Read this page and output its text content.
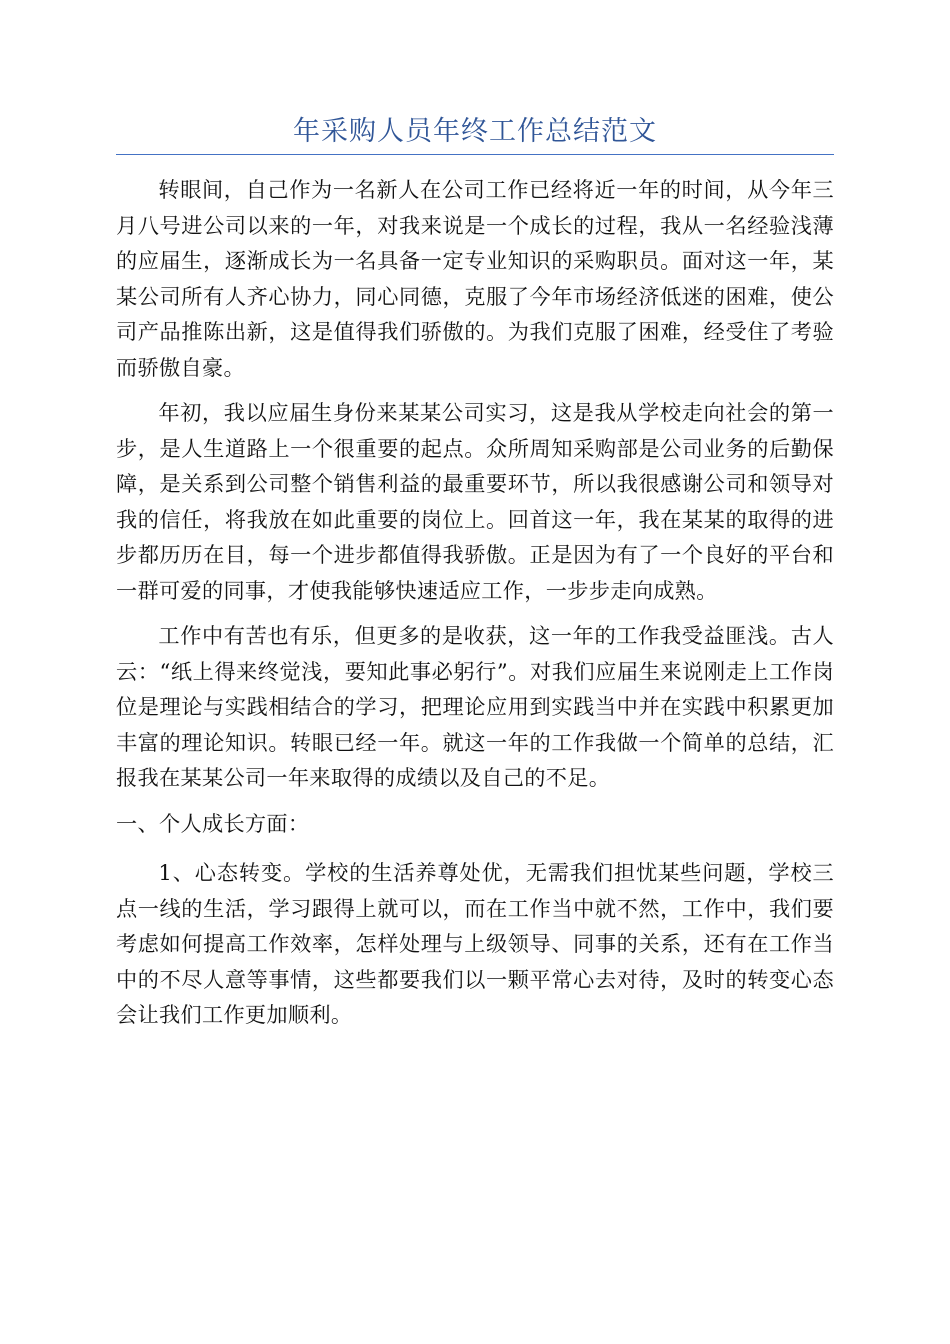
年采购人员年终工作总结范文

转眼间，自己作为一名新人在公司工作已经将近一年的时间，从今年三月八号进公司以来的一年，对我来说是一个成长的过程，我从一名经验浅薄的应届生，逐渐成长为一名具备一定专业知识的采购职员。面对这一年，某某公司所有人齐心协力，同心同德，克服了今年市场经济低迷的困难，使公司产品推陈出新，这是值得我们骄傲的。为我们克服了困难，经受住了考验而骄傲自豪。

年初，我以应届生身份来某某公司实习，这是我从学校走向社会的第一步，是人生道路上一个很重要的起点。众所周知采购部是公司业务的后勤保障，是关系到公司整个销售利益的最重要环节，所以我很感谢公司和领导对我的信任，将我放在如此重要的岗位上。回首这一年，我在某某的取得的进步都历历在目，每一个进步都值得我骄傲。正是因为有了一个良好的平台和一群可爱的同事，才使我能够快速适应工作，一步步走向成熟。

工作中有苦也有乐，但更多的是收获，这一年的工作我受益匪浅。古人云：“纸上得来终觉浅，要知此事必躬行”。对我们应届生来说刚走上工作岗位是理论与实践相结合的学习，把理论应用到实践当中并在实践中积累更加丰富的理论知识。转眼已经一年。就这一年的工作我做一个简单的总结，汇报我在某某公司一年来取得的成绩以及自己的不足。

一、个人成长方面：

1、心态转变。学校的生活养尊处优，无需我们担忧某些问题，学校三点一线的生活，学习跟得上就可以，而在工作当中就不然，工作中，我们要考虑如何提高工作效率，怎样处理与上级领导、同事的关系，还有在工作当中的不尽人意等事情，这些都要我们以一颗平常心去对待，及时的转变心态会让我们工作更加顺利。
